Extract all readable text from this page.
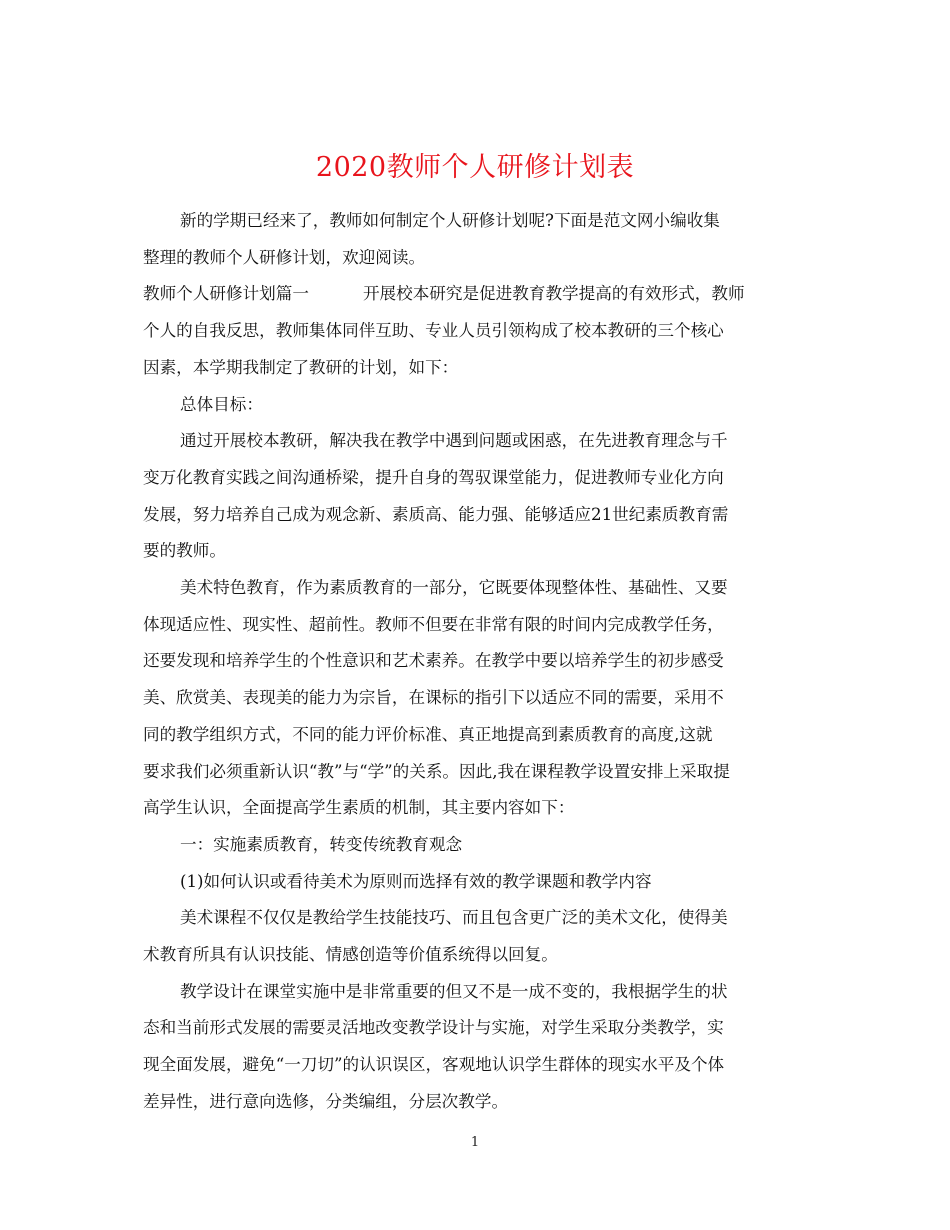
2020教师个人研修计划表

新的学期已经来了，教师如何制定个人研修计划呢?下面是范文网小编收集
整理的教师个人研修计划，欢迎阅读。

教师个人研修计划篇一	开展校本研究是促进教育教学提高的有效形式，教师
个人的自我反思，教师集体同伴互助、专业人员引领构成了校本教研的三个核心
因素，本学期我制定了教研的计划，如下：

总体目标：

通过开展校本教研，解决我在教学中遇到问题或困惑，在先进教育理念与千
变万化教育实践之间沟通桥梁，提升自身的驾驭课堂能力，促进教师专业化方向
发展，努力培养自己成为观念新、素质高、能力强、能够适应21世纪素质教育需
要的教师。

美术特色教育，作为素质教育的一部分，它既要体现整体性、基础性、又要
体现适应性、现实性、超前性。教师不但要在非常有限的时间内完成教学任务，
还要发现和培养学生的个性意识和艺术素养。在教学中要以培养学生的初步感受
美、欣赏美、表现美的能力为宗旨，在课标的指引下以适应不同的需要，采用不
同的教学组织方式，不同的能力评价标准、真正地提高到素质教育的高度,这就
要求我们必须重新认识“教”与“学”的关系。因此,我在课程教学设置安排上采取提
高学生认识，全面提高学生素质的机制，其主要内容如下：

一：实施素质教育，转变传统教育观念

(1)如何认识或看待美术为原则而选择有效的教学课题和教学内容

美术课程不仅仅是教给学生技能技巧、而且包含更广泛的美术文化，使得美
术教育所具有认识技能、情感创造等价值系统得以回复。

教学设计在课堂实施中是非常重要的但又不是一成不变的，我根据学生的状
态和当前形式发展的需要灵活地改变教学设计与实施，对学生采取分类教学，实
现全面发展，避免“一刀切”的认识误区，客观地认识学生群体的现实水平及个体
差异性，进行意向选修，分类编组，分层次教学。

1
